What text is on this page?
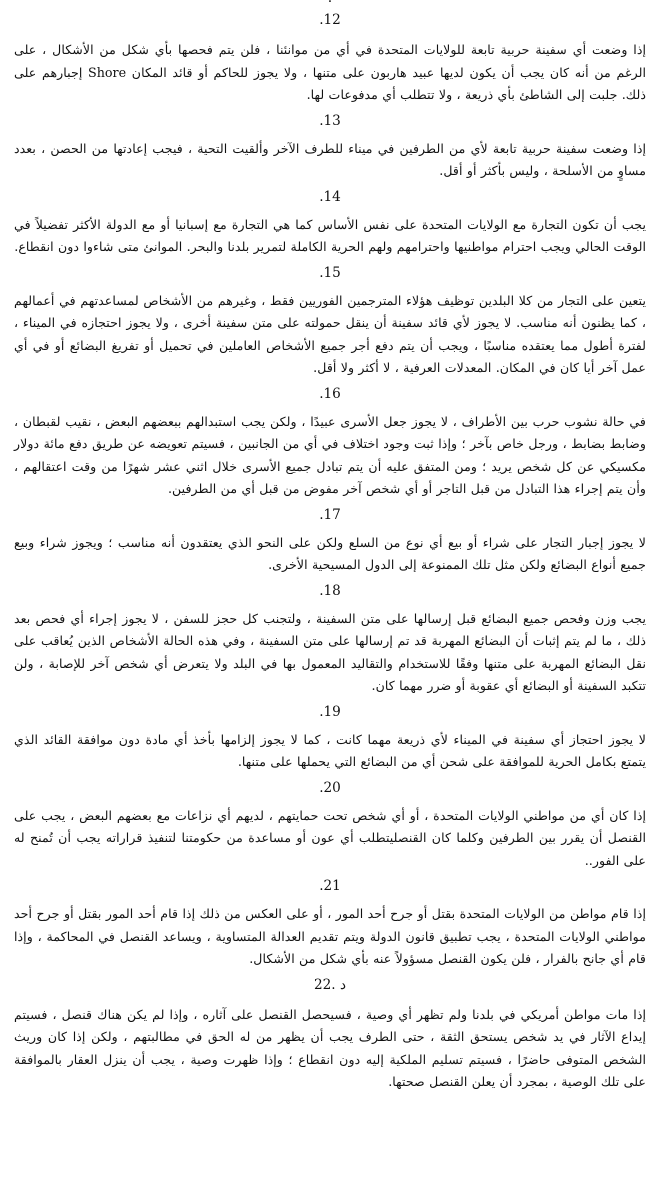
.12

إذا وضعت أي سفينة حربية تابعة للولايات المتحدة في أي من موانئنا ، فلن يتم فحصها بأي شكل من الأشكال ، على الرغم من أنه كان يجب أن يكون لديها عبيد هاربون على متنها ، ولا يجوز للحاكم أو قائد المكان Shore إجبارهم على ذلك. جلبت إلى الشاطئ بأي ذريعة ، ولا تتطلب أي مدفوعات لها.

.13

إذا وضعت سفينة حربية تابعة لأي من الطرفين في ميناء للطرف الآخر وألقيت التحية ، فيجب إعادتها من الحصن ، بعدد مساوٍ من الأسلحة ، وليس بأكثر أو أقل.

.14

يجب أن تكون التجارة مع الولايات المتحدة على نفس الأساس كما هي التجارة مع إسبانيا أو مع الدولة الأكثر تفضيلاً في الوقت الحالي ويجب احترام مواطنيها واحترامهم ولهم الحرية الكاملة لتمرير بلدنا والبحر. الموانئ متى شاءوا دون انقطاع.

.15

يتعين على التجار من كلا البلدين توظيف هؤلاء المترجمين الفوريين فقط ، وغيرهم من الأشخاص لمساعدتهم في أعمالهم ، كما يظنون أنه مناسب. لا يجوز لأي قائد سفينة أن ينقل حمولته على متن سفينة أخرى ، ولا يجوز احتجازه في الميناء ، لفترة أطول مما يعتقده مناسبًا ، ويجب أن يتم دفع أجر جميع الأشخاص العاملين في تحميل أو تفريغ البضائع أو في أي عمل آخر أيا كان في المكان. المعدلات العرفية ، لا أكثر ولا أقل.

.16

في حالة نشوب حرب بين الأطراف ، لا يجوز جعل الأسرى عبيدًا ، ولكن يجب استبدالهم ببعضهم البعض ، نقيب لقبطان ، وضابط بضابط ، ورجل خاص بآخر ؛ وإذا ثبت وجود اختلاف في أي من الجانبين ، فسيتم تعويضه عن طريق دفع مائة دولار مكسيكي عن كل شخص يريد ؛ ومن المتفق عليه أن يتم تبادل جميع الأسرى خلال اثني عشر شهرًا من وقت اعتقالهم ، وأن يتم إجراء هذا التبادل من قبل التاجر أو أي شخص آخر مفوض من قبل أي من الطرفين.

.17

لا يجوز إجبار التجار على شراء أو بيع أي نوع من السلع ولكن على النحو الذي يعتقدون أنه مناسب ؛ ويجوز شراء وبيع جميع أنواع البضائع ولكن مثل تلك الممنوعة إلى الدول المسيحية الأخرى.

.18

يجب وزن وفحص جميع البضائع قبل إرسالها على متن السفينة ، ولتجنب كل حجز للسفن ، لا يجوز إجراء أي فحص بعد ذلك ، ما لم يتم إثبات أن البضائع المهربة قد تم إرسالها على متن السفينة ، وفي هذه الحالة الأشخاص الذين يُعاقب على نقل البضائع المهربة على متنها وفقًا للاستخدام والتقاليد المعمول بها في البلد ولا يتعرض أي شخص آخر للإصابة ، ولن تتكبد السفينة أو البضائع أي عقوبة أو ضرر مهما كان.

.19

لا يجوز احتجاز أي سفينة في الميناء لأي ذريعة مهما كانت ، كما لا يجوز إلزامها بأخذ أي مادة دون موافقة القائد الذي يتمتع بكامل الحرية للموافقة على شحن أي من البضائع التي يحملها على متنها.

.20

إذا كان أي من مواطني الولايات المتحدة ، أو أي شخص تحت حمايتهم ، لديهم أي نزاعات مع بعضهم البعض ، يجب على القنصل أن يقرر بين الطرفين وكلما كان القنصليتطلب أي عون أو مساعدة من حكومتنا لتنفيذ قراراته يجب أن تُمنح له على الفور..

.21

إذا قام مواطن من الولايات المتحدة بقتل أو جرح أحد المور ، أو على العكس من ذلك إذا قام أحد المور بقتل أو جرح أحد مواطني الولايات المتحدة ، يجب تطبيق قانون الدولة ويتم تقديم العدالة المتساوية ، ويساعد القنصل في المحاكمة ، وإذا قام أي جانح بالفرار ، فلن يكون القنصل مسؤولاً عنه بأي شكل من الأشكال.

د .22

إذا مات مواطن أمريكي في بلدنا ولم تظهر أي وصية ، فسيحصل القنصل على آثاره ، وإذا لم يكن هناك قنصل ، فسيتم إيداع الآثار في يد شخص يستحق الثقة ، حتى الطرف يجب أن يظهر من له الحق في مطالبتهم ، ولكن إذا كان وريث الشخص المتوفى حاضرًا ، فسيتم تسليم الملكية إليه دون انقطاع ؛ وإذا ظهرت وصية ، يجب أن ينزل العقار بالموافقة على تلك الوصية ، بمجرد أن يعلن القنصل صحتها.
